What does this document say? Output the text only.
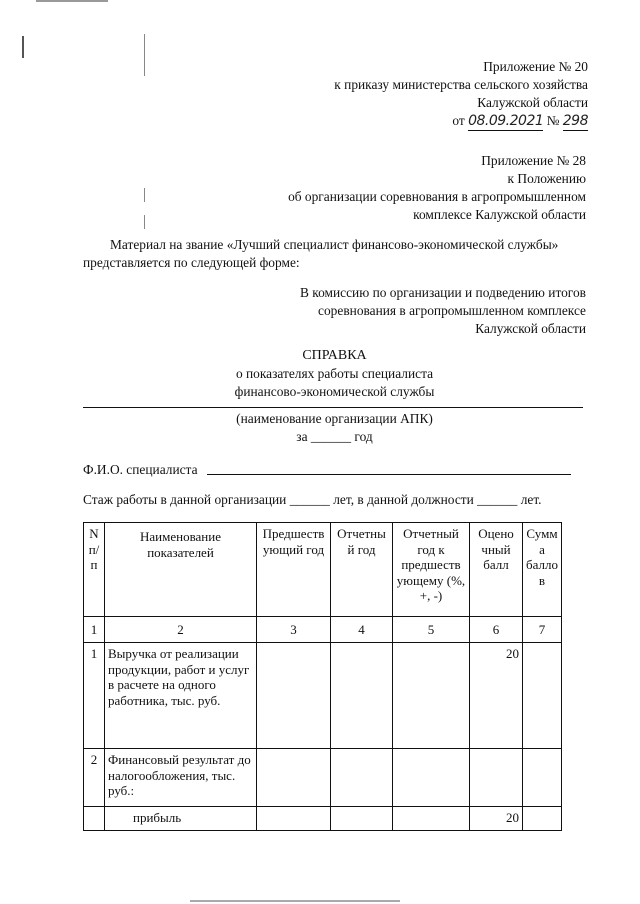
Приложение № 20
к приказу министерства сельского хозяйства
Калужской области
от 08.09.2021 № 298
Приложение № 28
к Положению
об организации соревнования в агропромышленном
комплексе Калужской области
Материал на звание «Лучший специалист финансово-экономической службы»
представляется по следующей форме:
В комиссию по организации и подведению итогов
соревнования в агропромышленном комплексе
Калужской области
СПРАВКА
о показателях работы специалиста
финансово-экономической службы
(наименование организации АПК)
за ______ год
Ф.И.О. специалиста
Стаж работы в данной организации ______ лет, в данной должности ______ лет.
N п/п	Наименование показателей	Предшеств ующий год	Отчетны й год	Отчетный год к предшеств ующему (%, +, -)	Оцено чный балл	Сумм а балло в
1	2	3	4	5	6	7
1	Выручка от реализации продукции, работ и услуг в расчете на одного работника, тыс. руб.				20	
2	Финансовый результат до налогообложения, тыс. руб.:					
	прибыль				20	
